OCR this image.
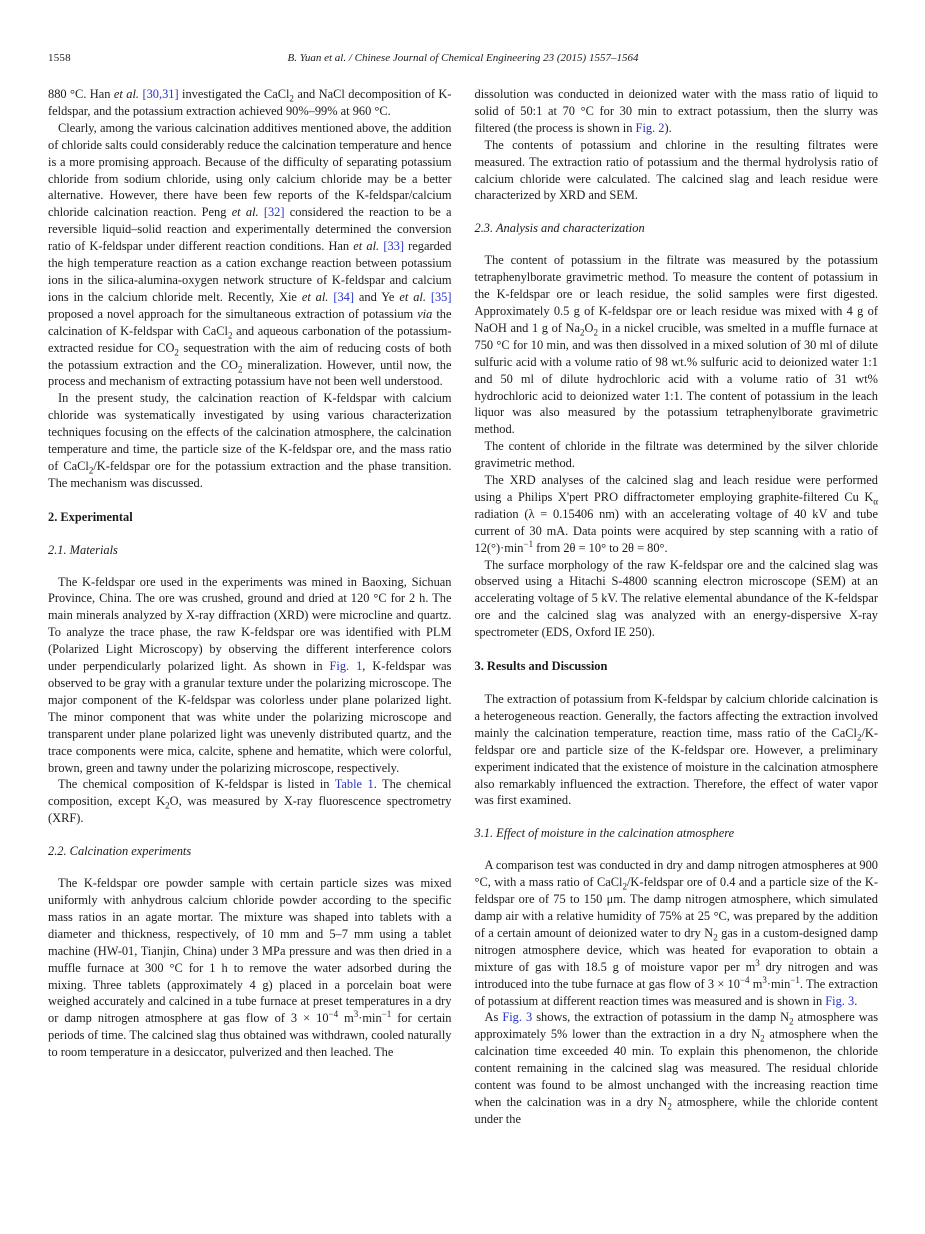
1558	B. Yuan et al. / Chinese Journal of Chemical Engineering 23 (2015) 1557–1564
880 °C. Han et al. [30,31] investigated the CaCl$_2$ and NaCl decomposition of K-feldspar, and the potassium extraction achieved 90%–99% at 960 °C.
Clearly, among the various calcination additives mentioned above, the addition of chloride salts could considerably reduce the calcination temperature and hence is a more promising approach. Because of the difficulty of separating potassium chloride from sodium chloride, using only calcium chloride may be a better alternative. However, there have been few reports of the K-feldspar/calcium chloride calcination reaction. Peng et al. [32] considered the reaction to be a reversible liquid–solid reaction and experimentally determined the conversion ratio of K-feldspar under different reaction conditions. Han et al. [33] regarded the high temperature reaction as a cation exchange reaction between potassium ions in the silica-alumina-oxygen network structure of K-feldspar and calcium ions in the calcium chloride melt. Recently, Xie et al. [34] and Ye et al. [35] proposed a novel approach for the simultaneous extraction of potassium via the calcination of K-feldspar with CaCl$_2$ and aqueous carbonation of the potassium-extracted residue for $CO_2$ sequestration with the aim of reducing costs of both the potassium extraction and the $CO_2$ mineralization. However, until now, the process and mechanism of extracting potassium have not been well understood.
In the present study, the calcination reaction of K-feldspar with calcium chloride was systematically investigated by using various characterization techniques focusing on the effects of the calcination atmosphere, the calcination temperature and time, the particle size of the K-feldspar ore, and the mass ratio of CaCl$_2$/K-feldspar ore for the potassium extraction and the phase transition. The mechanism was discussed.
2. Experimental
2.1. Materials
The K-feldspar ore used in the experiments was mined in Baoxing, Sichuan Province, China. The ore was crushed, ground and dried at 120 °C for 2 h. The main minerals analyzed by X-ray diffraction (XRD) were microcline and quartz. To analyze the trace phase, the raw K-feldspar ore was identified with PLM (Polarized Light Microscopy) by observing the different interference colors under perpendicularly polarized light. As shown in Fig. 1, K-feldspar was observed to be gray with a granular texture under the polarizing microscope. The major component of the K-feldspar was colorless under plane polarized light. The minor component that was white under the polarizing microscope and transparent under plane polarized light was unevenly distributed quartz, and the trace components were mica, calcite, sphene and hematite, which were colorful, brown, green and tawny under the polarizing microscope, respectively.
The chemical composition of K-feldspar is listed in Table 1. The chemical composition, except $K_2O$, was measured by X-ray fluorescence spectrometry (XRF).
2.2. Calcination experiments
The K-feldspar ore powder sample with certain particle sizes was mixed uniformly with anhydrous calcium chloride powder according to the specific mass ratios in an agate mortar. The mixture was shaped into tablets with a diameter and thickness, respectively, of 10 mm and 5–7 mm using a tablet machine (HW-01, Tianjin, China) under 3 MPa pressure and was then dried in a muffle furnace at 300 °C for 1 h to remove the water adsorbed during the mixing. Three tablets (approximately 4 g) placed in a porcelain boat were weighed accurately and calcined in a tube furnace at preset temperatures in a dry or damp nitrogen atmosphere at gas flow of $3 \times 10^{-4}$ $m^3\cdot\min^{-1}$ for certain periods of time. The calcined slag thus obtained was withdrawn, cooled naturally to room temperature in a desiccator, pulverized and then leached. The
dissolution was conducted in deionized water with the mass ratio of liquid to solid of 50:1 at 70 °C for 30 min to extract potassium, then the slurry was filtered (the process is shown in Fig. 2).
The contents of potassium and chlorine in the resulting filtrates were measured. The extraction ratio of potassium and the thermal hydrolysis ratio of calcium chloride were calculated. The calcined slag and leach residue were characterized by XRD and SEM.
2.3. Analysis and characterization
The content of potassium in the filtrate was measured by the potassium tetraphenylborate gravimetric method. To measure the content of potassium in the K-feldspar ore or leach residue, the solid samples were first digested. Approximately 0.5 g of K-feldspar ore or leach residue was mixed with 4 g of NaOH and 1 g of $Na_2O_2$ in a nickel crucible, was smelted in a muffle furnace at 750 °C for 10 min, and was then dissolved in a mixed solution of 30 ml of dilute sulfuric acid with a volume ratio of 98 wt.% sulfuric acid to deionized water 1:1 and 50 ml of dilute hydrochloric acid with a volume ratio of 31 wt% hydrochloric acid to deionized water 1:1. The content of potassium in the leach liquor was also measured by the potassium tetraphenylborate gravimetric method.
The content of chloride in the filtrate was determined by the silver chloride gravimetric method.
The XRD analyses of the calcined slag and leach residue were performed using a Philips X'pert PRO diffractometer employing graphite-filtered Cu $K_\alpha$ radiation (λ = 0.15406 nm) with an accelerating voltage of 40 kV and tube current of 30 mA. Data points were acquired by step scanning with a ratio of $12(^\circ)\cdot\min^{-1}$ from 2θ = 10° to 2θ = 80°.
The surface morphology of the raw K-feldspar ore and the calcined slag was observed using a Hitachi S-4800 scanning electron microscope (SEM) at an accelerating voltage of 5 kV. The relative elemental abundance of the K-feldspar ore and the calcined slag was analyzed with an energy-dispersive X-ray spectrometer (EDS, Oxford IE 250).
3. Results and Discussion
The extraction of potassium from K-feldspar by calcium chloride calcination is a heterogeneous reaction. Generally, the factors affecting the extraction involved mainly the calcination temperature, reaction time, mass ratio of the CaCl$_2$/K-feldspar ore and particle size of the K-feldspar ore. However, a preliminary experiment indicated that the existence of moisture in the calcination atmosphere also remarkably influenced the extraction. Therefore, the effect of water vapor was first examined.
3.1. Effect of moisture in the calcination atmosphere
A comparison test was conducted in dry and damp nitrogen atmospheres at 900 °C, with a mass ratio of CaCl$_2$/K-feldspar ore of 0.4 and a particle size of the K-feldspar ore of 75 to 150 μm. The damp nitrogen atmosphere, which simulated damp air with a relative humidity of 75% at 25 °C, was prepared by the addition of a certain amount of deionized water to dry $N_2$ gas in a custom-designed damp nitrogen atmosphere device, which was heated for evaporation to obtain a mixture of gas with 18.5 g of moisture vapor per $m^3$ dry nitrogen and was introduced into the tube furnace at gas flow of $3 \times 10^{-4}$ $m^3\cdot\min^{-1}$. The extraction of potassium at different reaction times was measured and is shown in Fig. 3.
As Fig. 3 shows, the extraction of potassium in the damp $N_2$ atmosphere was approximately 5% lower than the extraction in a dry $N_2$ atmosphere when the calcination time exceeded 40 min. To explain this phenomenon, the chloride content remaining in the calcined slag was measured. The residual chloride content was found to be almost unchanged with the increasing reaction time when the calcination was in a dry $N_2$ atmosphere, while the chloride content under the
